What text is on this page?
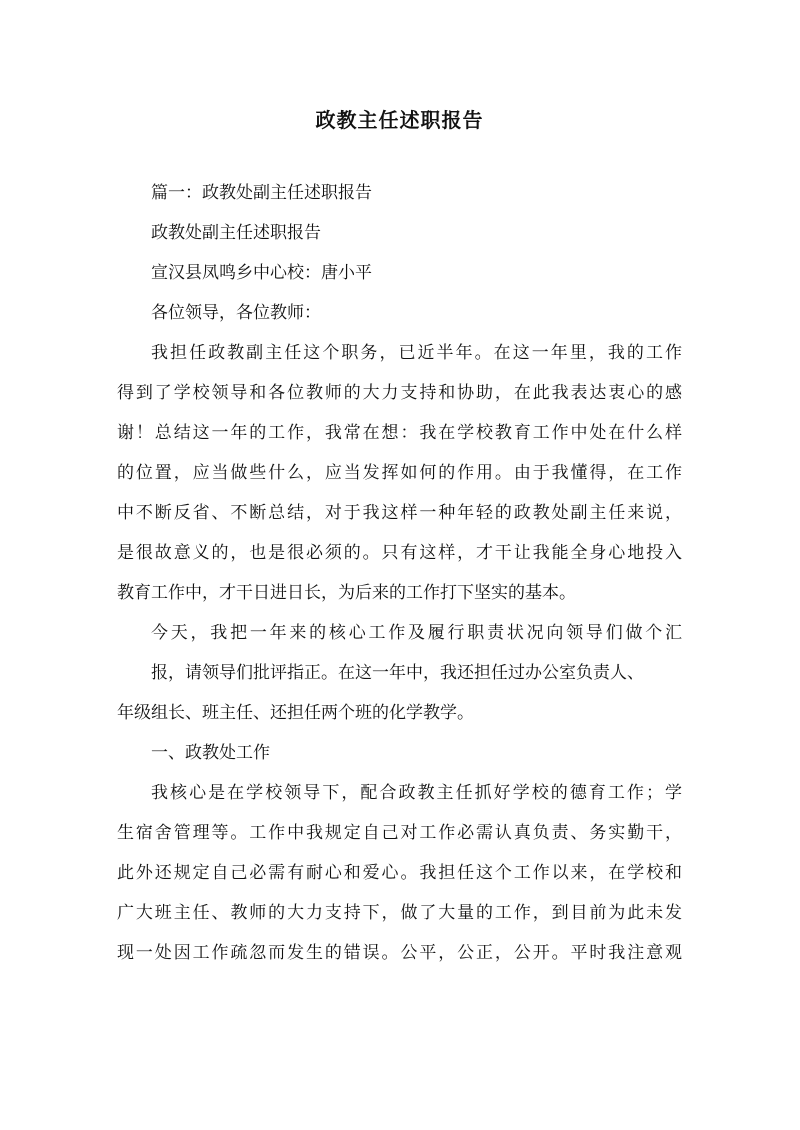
政教主任述职报告
篇一：政教处副主任述职报告
政教处副主任述职报告
宣汉县凤鸣乡中心校：唐小平
各位领导，各位教师：
我担任政教副主任这个职务，已近半年。在这一年里，我的工作
得到了学校领导和各位教师的大力支持和协助，在此我表达衷心的感
谢！总结这一年的工作，我常在想：我在学校教育工作中处在什么样
的位置，应当做些什么，应当发挥如何的作用。由于我懂得，在工作
中不断反省、不断总结，对于我这样一种年轻的政教处副主任来说，
是很故意义的，也是很必须的。只有这样，才干让我能全身心地投入
教育工作中，才干日进日长，为后来的工作打下坚实的基本。
今天，我把一年来的核心工作及履行职责状况向领导们做个汇
报，请领导们批评指正。在这一年中，我还担任过办公室负责人、
年级组长、班主任、还担任两个班的化学教学。
一、政教处工作
我核心是在学校领导下，配合政教主任抓好学校的德育工作；学
生宿舍管理等。工作中我规定自己对工作必需认真负责、务实勤干，
此外还规定自己必需有耐心和爱心。我担任这个工作以来，在学校和
广大班主任、教师的大力支持下，做了大量的工作，到目前为此未发
现一处因工作疏忽而发生的错误。公平，公正，公开。平时我注意观
